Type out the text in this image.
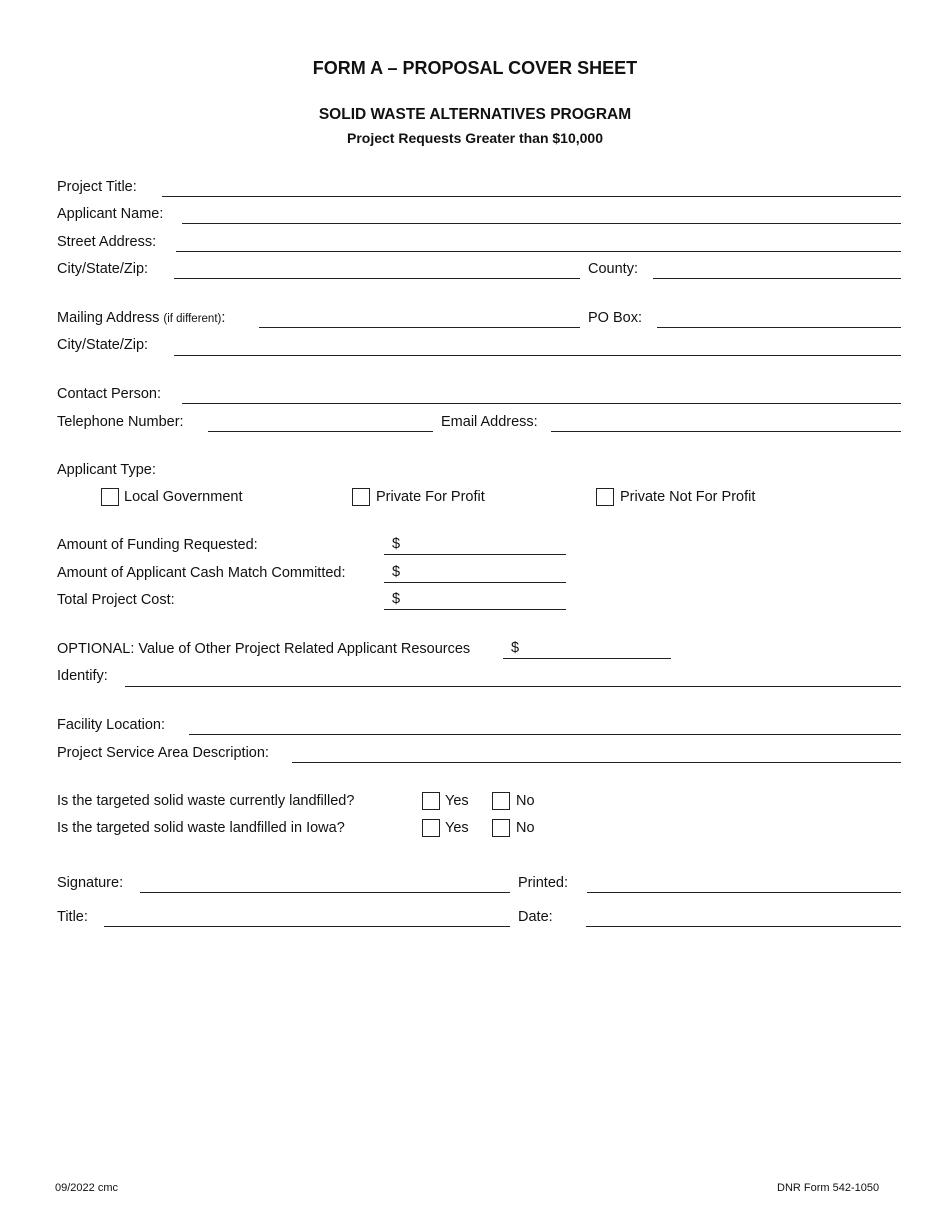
FORM A – PROPOSAL COVER SHEET
SOLID WASTE ALTERNATIVES PROGRAM
Project Requests Greater than $10,000
Project Title:
Applicant Name:
Street Address:
City/State/Zip:	County:
Mailing Address (if different):	PO Box:
City/State/Zip:
Contact Person:
Telephone Number:	Email Address:
Applicant Type:
Local Government	Private For Profit	Private Not For Profit
Amount of Funding Requested:	$
Amount of Applicant Cash Match Committed:	$
Total Project Cost:	$
OPTIONAL: Value of Other Project Related Applicant Resources	$
Identify:
Facility Location:
Project Service Area Description:
Is the targeted solid waste currently landfilled?	Yes	No
Is the targeted solid waste landfilled in Iowa?	Yes	No
Signature:	Printed:
Title:	Date:
09/2022 cmc	DNR Form 542-1050
